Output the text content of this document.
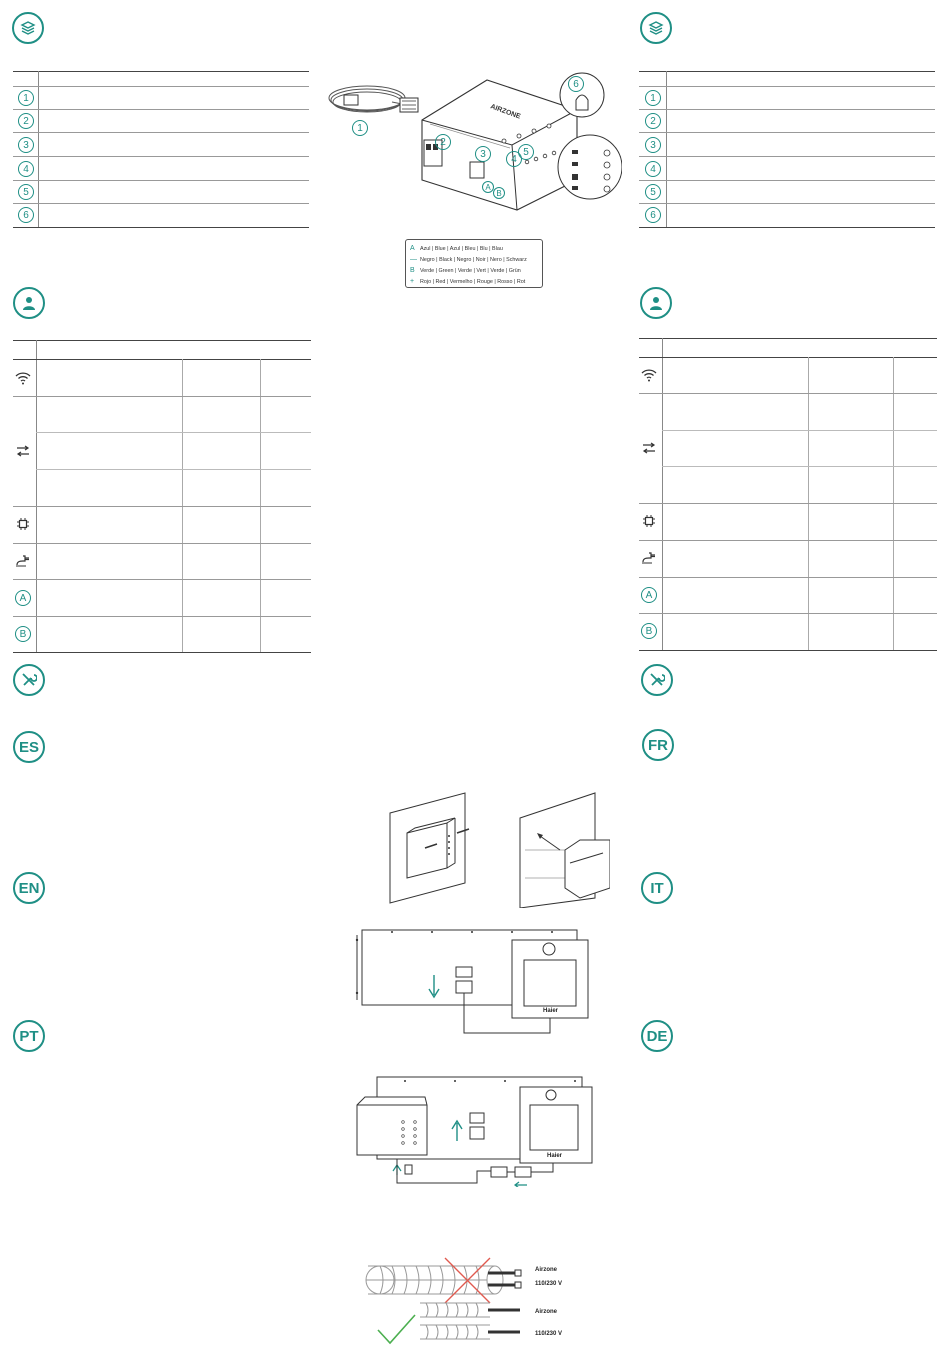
1
2
3
4
5
6
A
B
ES
EN
PT
1
2
3
4
5
6
A
B
FR
IT
DE
AIRZONE
1
2
3	4
5
6
A
B
A Azul | Blue | Azul | Bleu | Blu | Blau
— Negro | Black | Negro | Noir | Nero | Schwarz
B Verde | Green | Verde | Vert | Verde | Grün
+ Rojo | Red | Vermelho | Rouge | Rosso | Rot
Haier
Haier
Airzone
110/230 V
Airzone
110/230 V
